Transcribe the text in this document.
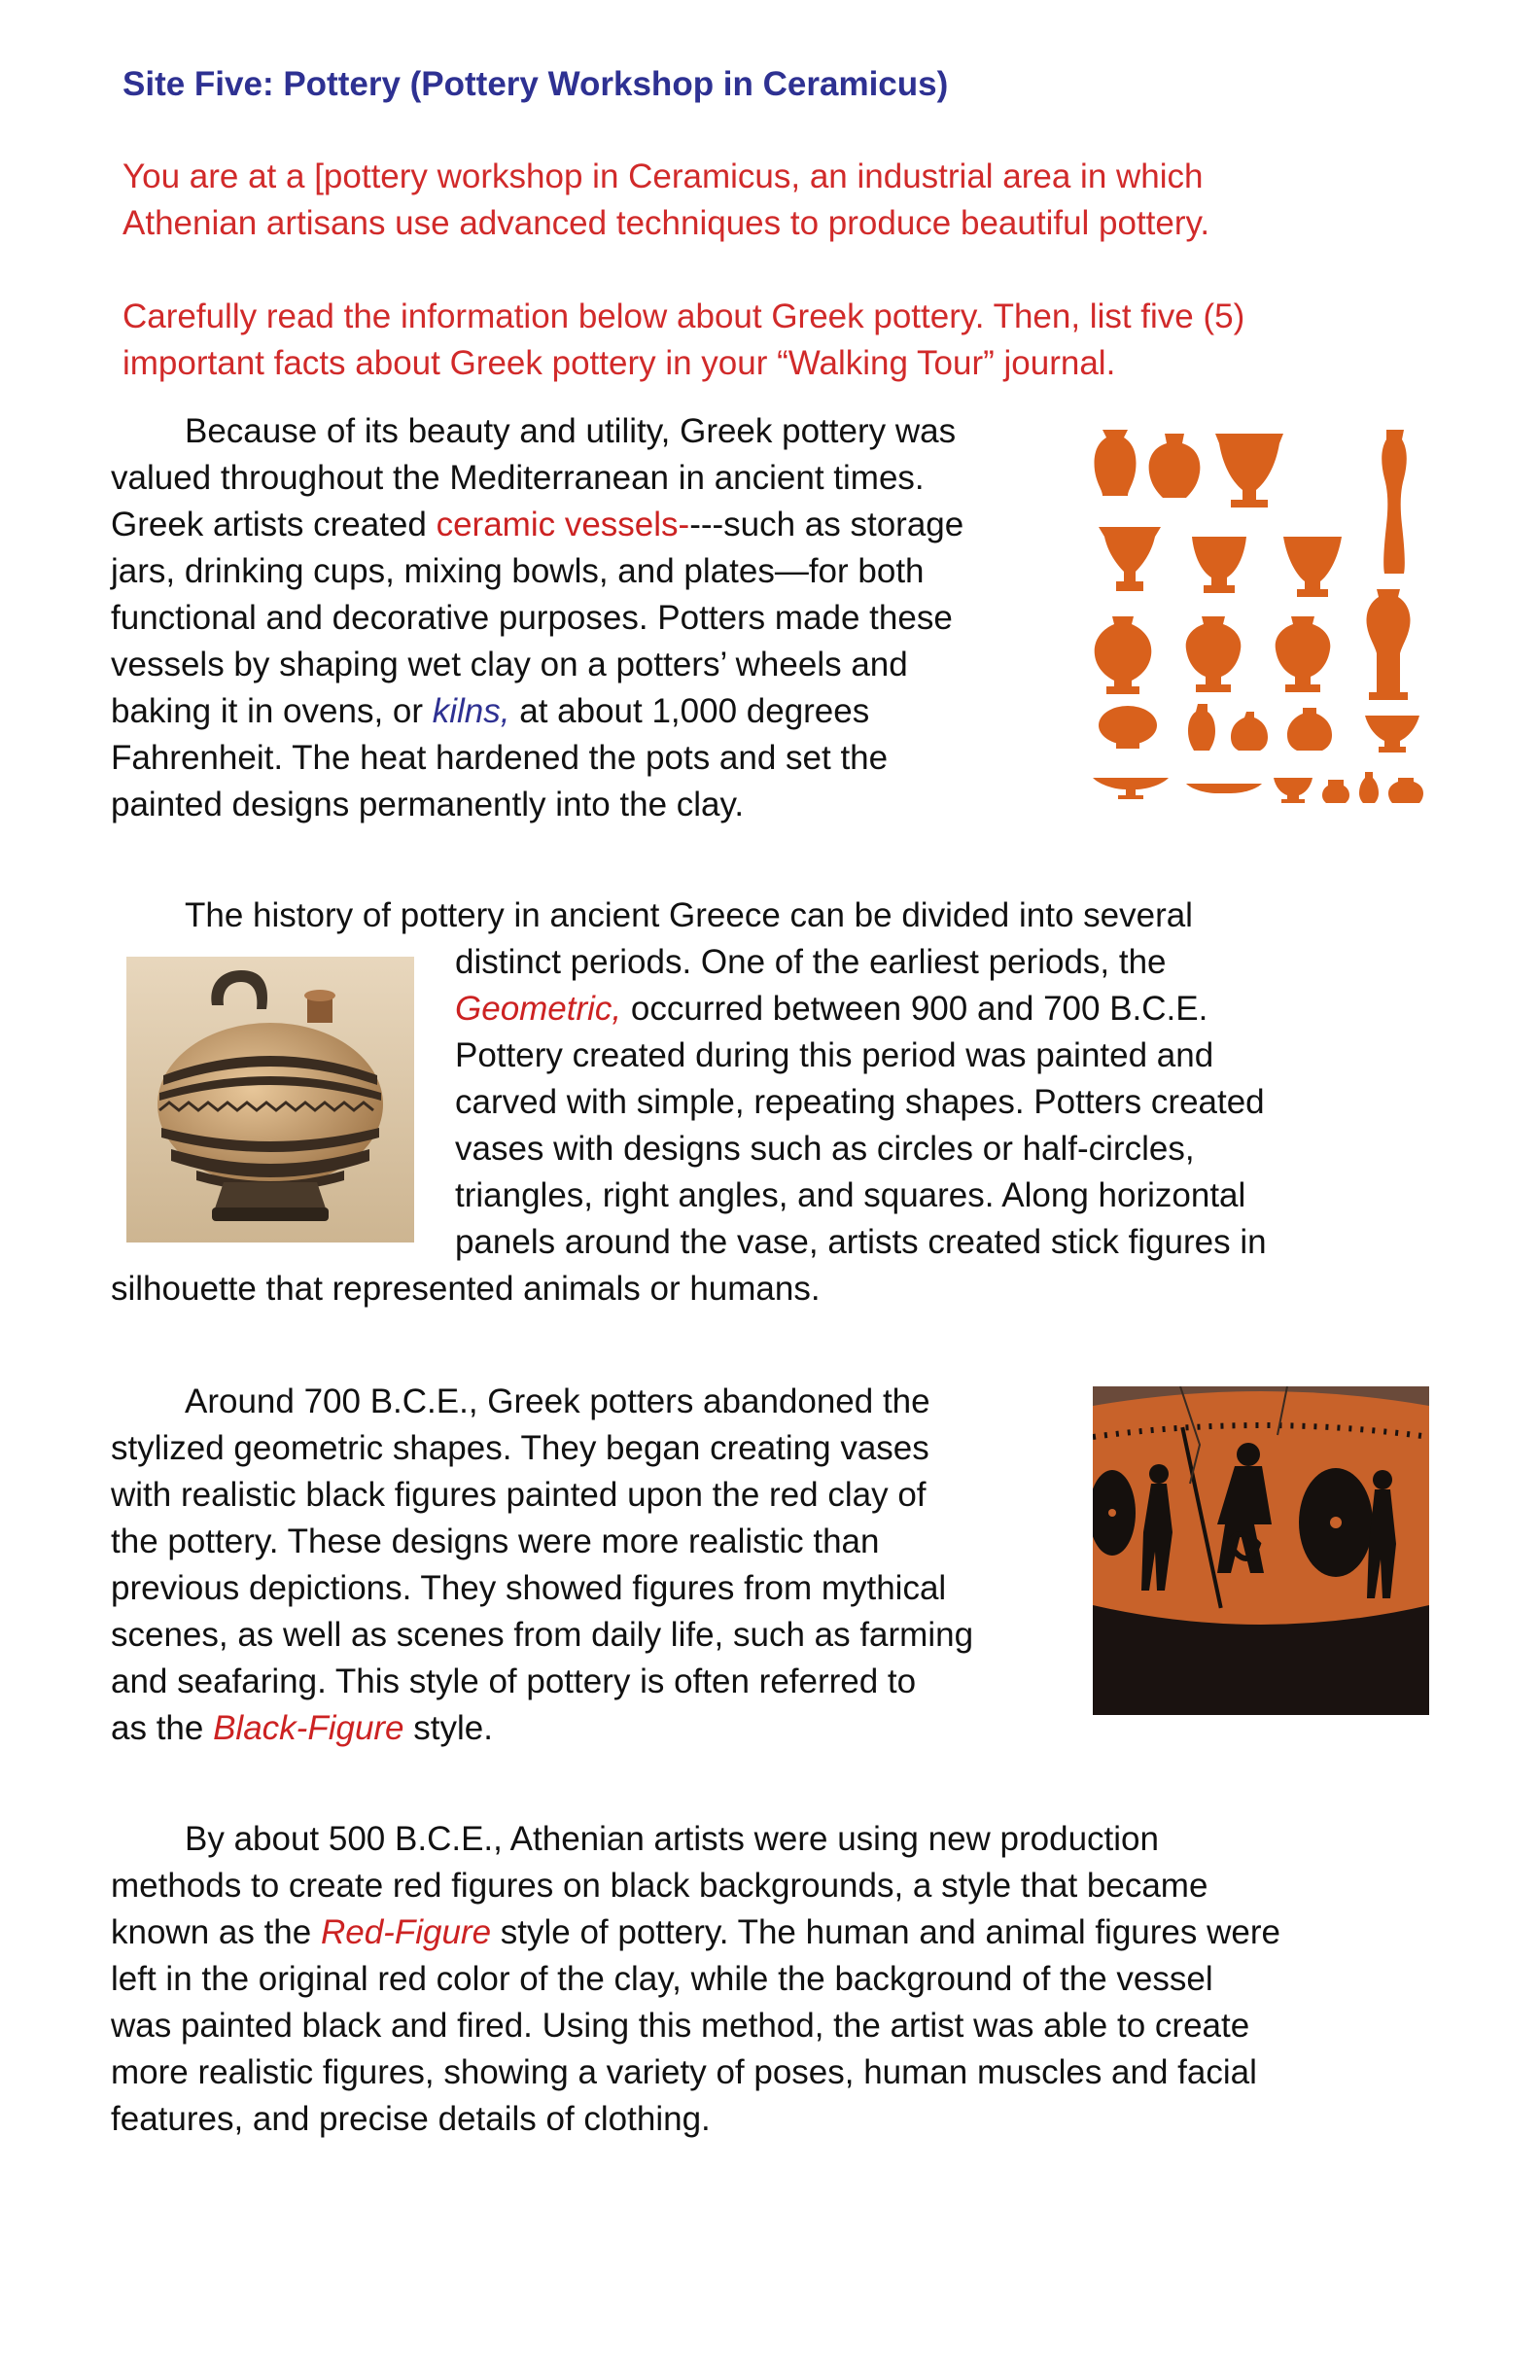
Site Five: Pottery (Pottery Workshop in Ceramicus)
You are at a [pottery workshop in Ceramicus, an industrial area in which
Athenian artisans use advanced techniques to produce beautiful pottery.
Carefully read the information below about Greek pottery. Then, list five (5)
important facts about Greek pottery in your “Walking Tour” journal.
Because of its beauty and utility, Greek pottery was
valued throughout the Mediterranean in ancient times.
Greek artists created ceramic vessels----such as storage
jars, drinking cups, mixing bowls, and plates—for both
functional and decorative purposes. Potters made these
vessels by shaping wet clay on a potters’ wheels and
baking it in ovens, or kilns, at about 1,000 degrees
Fahrenheit. The heat hardened the pots and set the
painted designs permanently into the clay.
The history of pottery in ancient Greece can be divided into several
distinct periods. One of the earliest periods, the
Geometric, occurred between 900 and 700 B.C.E.
Pottery created during this period was painted and
carved with simple, repeating shapes. Potters created
vases with designs such as circles or half-circles,
triangles, right angles, and squares. Along horizontal
panels around the vase, artists created stick figures in
silhouette that represented animals or humans.
Around 700 B.C.E., Greek potters abandoned the
stylized geometric shapes. They began creating vases
with realistic black figures painted upon the red clay of
the pottery. These designs were more realistic than
previous depictions. They showed figures from mythical
scenes, as well as scenes from daily life, such as farming
and seafaring. This style of pottery is often referred to
as the Black-Figure style.
By about 500 B.C.E., Athenian artists were using new production
methods to create red figures on black backgrounds, a style that became
known as the Red-Figure style of pottery. The human and animal figures were
left in the original red color of the clay, while the background of the vessel
was painted black and fired. Using this method, the artist was able to create
more realistic figures, showing a variety of poses, human muscles and facial
features, and precise details of clothing.
